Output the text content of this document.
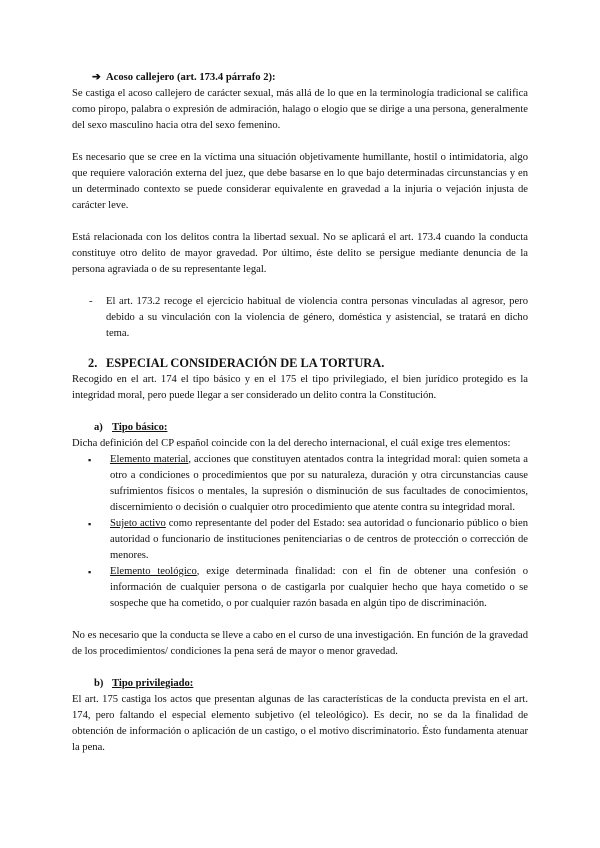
➔ Acoso callejero (art. 173.4 párrafo 2):

Se castiga el acoso callejero de carácter sexual, más allá de lo que en la terminología tradicional se califica como piropo, palabra o expresión de admiración, halago o elogio que se dirige a una persona, generalmente del sexo masculino hacia otra del sexo femenino.

Es necesario que se cree en la víctima una situación objetivamente humillante, hostil o intimidatoria, algo que requiere valoración externa del juez, que debe basarse en lo que bajo determinadas circunstancias y en un determinado contexto se puede considerar equivalente en gravedad a la injuria o vejación injusta de carácter leve.

Está relacionada con los delitos contra la libertad sexual. No se aplicará el art. 173.4 cuando la conducta constituye otro delito de mayor gravedad. Por último, éste delito se persigue mediante denuncia de la persona agraviada o de su representante legal.

- El art. 173.2 recoge el ejercicio habitual de violencia contra personas vinculadas al agresor, pero debido a su vinculación con la violencia de género, doméstica y asistencial, se tratará en dicho tema.

2. ESPECIAL CONSIDERACIÓN DE LA TORTURA.

Recogido en el art. 174 el tipo básico y en el 175 el tipo privilegiado, el bien jurídico protegido es la integridad moral, pero puede llegar a ser considerado un delito contra la Constitución.

a) Tipo básico:

Dicha definición del CP español coincide con la del derecho internacional, el cuál exige tres elementos:

▪ Elemento material, acciones que constituyen atentados contra la integridad moral: quien someta a otro a condiciones o procedimientos que por su naturaleza, duración y otra circunstancias cause sufrimientos físicos o mentales, la supresión o disminución de sus facultades de conocimientos, discernimiento o decisión o cualquier otro procedimiento que atente contra su integridad moral.
▪ Sujeto activo como representante del poder del Estado: sea autoridad o funcionario público o bien autoridad o funcionario de instituciones penitenciarias o de centros de protección o corrección de menores.
▪ Elemento teológico, exige determinada finalidad: con el fin de obtener una confesión o información de cualquier persona o de castigarla por cualquier hecho que haya cometido o se sospeche que ha cometido, o por cualquier razón basada en algún tipo de discriminación.

No es necesario que la conducta se lleve a cabo en el curso de una investigación. En función de la gravedad de los procedimientos/ condiciones la pena será de mayor o menor gravedad.

b) Tipo privilegiado:

El art. 175 castiga los actos que presentan algunas de las características de la conducta prevista en el art. 174, pero faltando el especial elemento subjetivo (el teleológico). Es decir, no se da la finalidad de obtención de información o aplicación de un castigo, o el motivo discriminatorio. Ésto fundamenta atenuar la pena.
